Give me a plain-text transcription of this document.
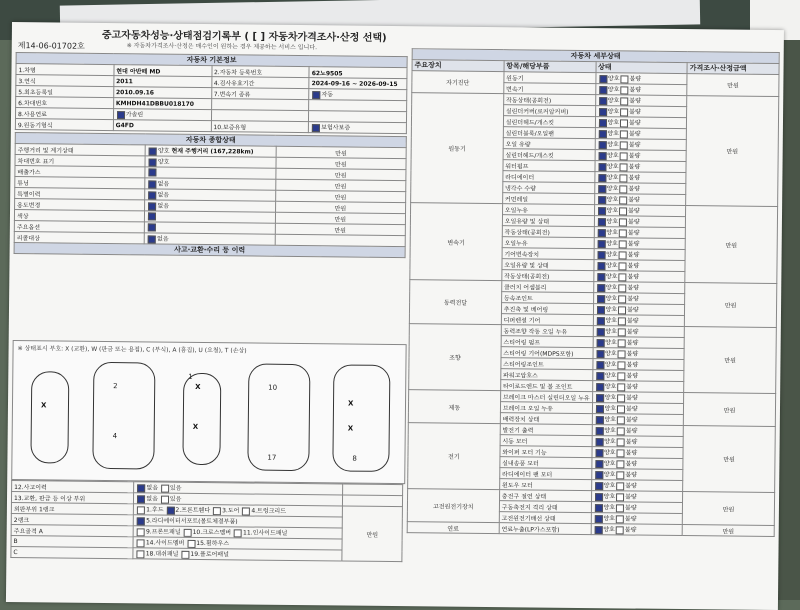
중고자동차성능·상태점검기록부 ( [ ] 자동차가격조사·산정 선택)
※ 자동차가격조사·산정은 매수인이 원하는 경우 제공하는 서비스 입니다.
제14-06-01702호
자동차 기본정보			
1.차명	현대 아반떼 MD	2.자동차 등록번호	62노9505
3.연식	2011	4.검사유효기간	2024-09-16 ~ 2026-09-15
5.최초등록일	2010.09.16	7.변속기 종류	자동
6.차대번호	KMHDH41DBBU018170		
8.사용연료	가솔린		
9.원동기형식	G4FD	10.보증유형	보험사보증
자동차 종합상태		
주행거리 및 계기상태	양호 현재 주행거리 (167,228km)	만원
차대번호 표기	양호	만원
배출가스		만원
튜닝	없음	만원
특별이력	없음	만원
용도변경	없음	만원
색상		만원
주요옵션		만원
리콜대상	없음	
사고·교환·수리 등 이력		
※ 상태표시 부호: X (교환), W (판금 또는 용접), C (부식), A (흠집), U (요철), T (손상)
X
X
X
X
X
1
2
4
10
17	8
12.사고이력	없음 있음	
13.교환, 판금 등 이상 부위	없음 있음	
외판부위 1랭크	1.후드 2.프론트휀다 3.도어 4.트렁크리드	만원
2랭크	5.라디에이터서포트(볼트체결부품)	
주요골격 A	9.프론트패널 10.크로스멤버 11.인사이드패널	
B	14.사이드멤버 15.휠하우스	
C	18.대쉬패널 19.플로어패널	
자동차 세부상태			
주요장치	항목/해당부품	상태	가격조사·산정금액
자기진단	원동기	양호 불량	만원
	변속기	양호 불량	
원동기	작동상태(공회전)	양호 불량	만원
	실린더커버(로커암커버)	양호 불량	
	실린더헤드/개스킷	양호 불량	
	실린더블록/오일팬	양호 불량	
	오일 유량	양호 불량	
	실린더헤드/개스킷	양호 불량	
	워터펌프	양호 불량	
	라디에이터	양호 불량	
	냉각수 수량	양호 불량	
	커먼레일	양호 불량	
변속기	오일누유	양호 불량	만원
	오일유량 및 상태	양호 불량	
	작동상태(공회전)	양호 불량	
	오일누유	양호 불량	
	기어변속장치	양호 불량	
	오일유량 및 상태	양호 불량	
	작동상태(공회전)	양호 불량	
동력전달	클러치 어셈블리	양호 불량	만원
	등속조인트	양호 불량	
	추진축 및 베어링	양호 불량	
	디퍼렌셜 기어	양호 불량	
조향	동력조향 작동 오일 누유	양호 불량	만원
	스티어링 펌프	양호 불량	
	스티어링 기어(MDPS포함)	양호 불량	
	스티어링조인트	양호 불량	
	파워고압호스	양호 불량	
	타이로드엔드 및 볼 조인트	양호 불량	
제동	브레이크 마스터 실린더오일 누유	양호 불량	만원
	브레이크 오일 누유	양호 불량	
	배력장치 상태	양호 불량	
전기	발전기 출력	양호 불량	만원
	시동 모터	양호 불량	
	와이퍼 모터 기능	양호 불량	
	실내송풍 모터	양호 불량	
	라디에이터 팬 모터	양호 불량	
	윈도우 모터	양호 불량	
고전원전기장치	충전구 절연 상태	양호 불량	만원
	구동축전지 격리 상태	양호 불량	
	고전원전기배선 상태	양호 불량	
연료	연료누출(LP가스포함)	양호 불량	만원
